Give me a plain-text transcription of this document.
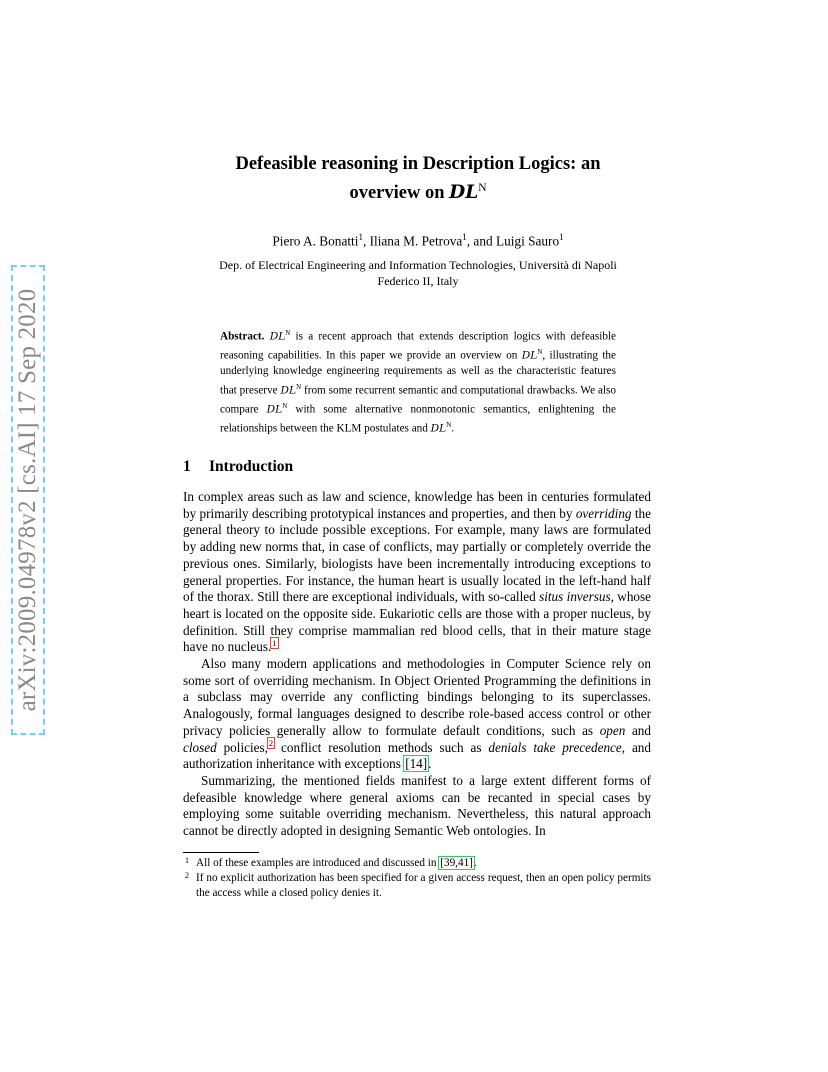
arXiv:2009.04978v2 [cs.AI] 17 Sep 2020
Defeasible reasoning in Description Logics: an
overview on $DL^N$
Piero A. Bonatti$^1$, Iliana M. Petrova$^1$, and Luigi Sauro$^1$
Dep. of Electrical Engineering and Information Technologies, Università di Napoli
Federico II, Italy
Abstract. $DL^N$ is a recent approach that extends description logics with defeasible reasoning capabilities. In this paper we provide an overview on $DL^N$, illustrating the underlying knowledge engineering requirements as well as the characteristic features that preserve $DL^N$ from some recurrent semantic and computational drawbacks. We also compare $DL^N$ with some alternative nonmonotonic semantics, enlightening the relationships between the KLM postulates and $DL^N$.
1 Introduction

In complex areas such as law and science, knowledge has been in centuries formulated by primarily describing prototypical instances and properties, and then by overriding the general theory to include possible exceptions. For example, many laws are formulated by adding new norms that, in case of conflicts, may partially or completely override the previous ones. Similarly, biologists have been incrementally introducing exceptions to general properties. For instance, the human heart is usually located in the left-hand half of the thorax. Still there are exceptional individuals, with so-called situs inversus, whose heart is located on the opposite side. Eukariotic cells are those with a proper nucleus, by definition. Still they comprise mammalian red blood cells, that in their mature stage have no nucleus.$^1$

Also many modern applications and methodologies in Computer Science rely on some sort of overriding mechanism. In Object Oriented Programming the definitions in a subclass may override any conflicting bindings belonging to its superclasses. Analogously, formal languages designed to describe role-based access control or other privacy policies generally allow to formulate default conditions, such as open and closed policies,$^2$ conflict resolution methods such as denials take precedence, and authorization inheritance with exceptions [14].

Summarizing, the mentioned fields manifest to a large extent different forms of defeasible knowledge where general axioms can be recanted in special cases by employing some suitable overriding mechanism. Nevertheless, this natural approach cannot be directly adopted in designing Semantic Web ontologies. In

1 All of these examples are introduced and discussed in [39,41].
2 If no explicit authorization has been specified for a given access request, then an open policy permits the access while a closed policy denies it.
